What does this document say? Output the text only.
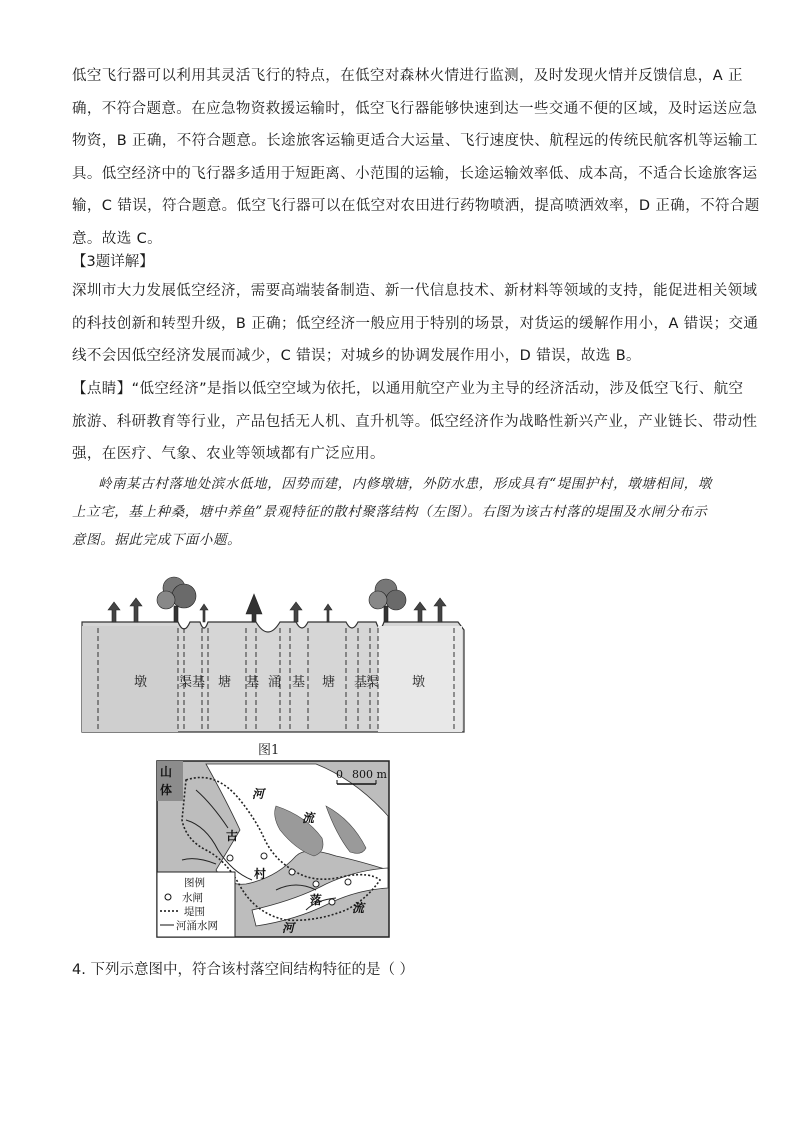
低空飞行器可以利用其灵活飞行的特点，在低空对森林火情进行监测，及时发现火情并反馈信息，A 正
确，不符合题意。在应急物资救援运输时，低空飞行器能够快速到达一些交通不便的区域，及时运送应急
物资，B 正确，不符合题意。长途旅客运输更适合大运量、飞行速度快、航程远的传统民航客机等运输工
具。低空经济中的飞行器多适用于短距离、小范围的运输，长途运输效率低、成本高，不适合长途旅客运
输，C 错误，符合题意。低空飞行器可以在低空对农田进行药物喷洒，提高喷洒效率，D 正确，不符合题
意。故选 C。
【3题详解】
深圳市大力发展低空经济，需要高端装备制造、新一代信息技术、新材料等领域的支持，能促进相关领域
的科技创新和转型升级，B 正确；低空经济一般应用于特别的场景，对货运的缓解作用小，A 错误；交通
线不会因低空经济发展而减少，C 错误；对城乡的协调发展作用小，D 错误，故选 B。
【点睛】“低空经济”是指以低空空域为依托，以通用航空产业为主导的经济活动，涉及低空飞行、航空
旅游、科研教育等行业，产品包括无人机、直升机等。低空经济作为战略性新兴产业，产业链长、带动性
强，在医疗、气象、农业等领域都有广泛应用。
岭南某古村落地处滨水低地，因势而建，内修墩塘，外防水患，形成具有“堤围护村，墩塘相间，墩
上立宅，基上种桑，塘中养鱼”景观特征的散村聚落结构（左图）。右图为该古村落的堤围及水闸分布示
意图。据此完成下面小题。
墩 渠 基 塘 基 涌 基 塘 基
渠	墩
图1
山
体	河
流
古
村
落
流
河
0 800 m
图例
水闸
堤围
河涌水网
4. 下列示意图中，符合该村落空间结构特征的是（ ）
